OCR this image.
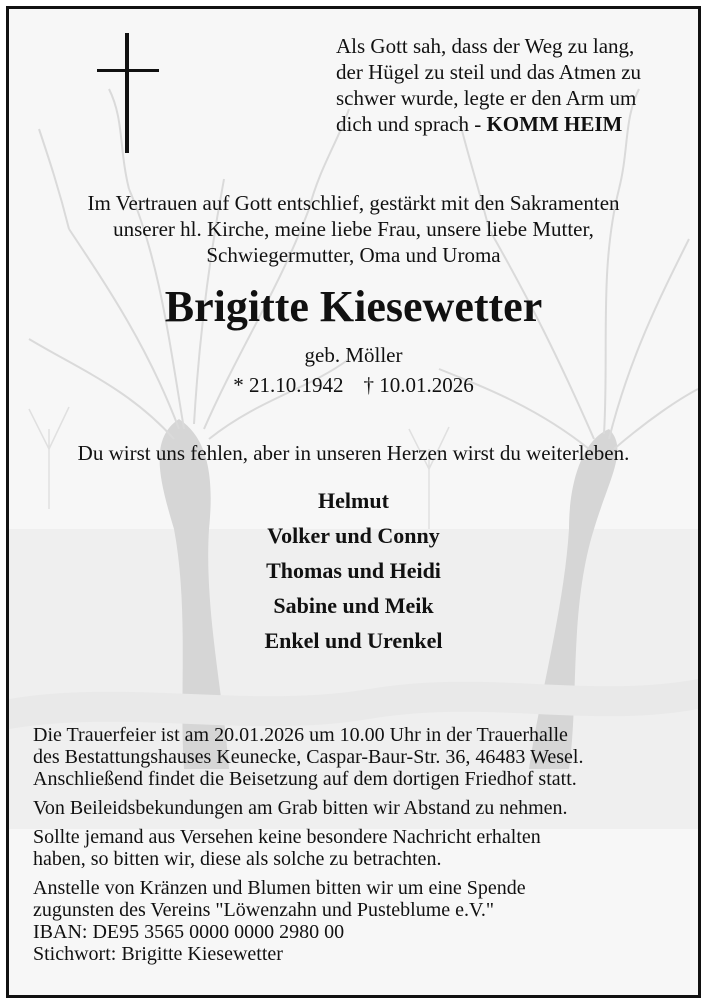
Als Gott sah, dass der Weg zu lang,
der Hügel zu steil und das Atmen zu
schwer wurde, legte er den Arm um
dich und sprach - KOMM HEIM
Im Vertrauen auf Gott entschlief, gestärkt mit den Sakramenten
unserer hl. Kirche, meine liebe Frau, unsere liebe Mutter,
Schwiegermutter, Oma und Uroma
Brigitte Kiesewetter
geb. Möller
* 21.10.1942 † 10.01.2026
Du wirst uns fehlen, aber in unseren Herzen wirst du weiterleben.
Helmut
Volker und Conny
Thomas und Heidi
Sabine und Meik
Enkel und Urenkel

Die Trauerfeier ist am 20.01.2026 um 10.00 Uhr in der Trauerhalle
des Bestattungshauses Keunecke, Caspar-Baur-Str. 36, 46483 Wesel.
Anschließend findet die Beisetzung auf dem dortigen Friedhof statt.

Von Beileidsbekundungen am Grab bitten wir Abstand zu nehmen.

Sollte jemand aus Versehen keine besondere Nachricht erhalten
haben, so bitten wir, diese als solche zu betrachten.

Anstelle von Kränzen und Blumen bitten wir um eine Spende
zugunsten des Vereins "Löwenzahn und Pusteblume e.V."
IBAN: DE95 3565 0000 0000 2980 00
Stichwort: Brigitte Kiesewetter
